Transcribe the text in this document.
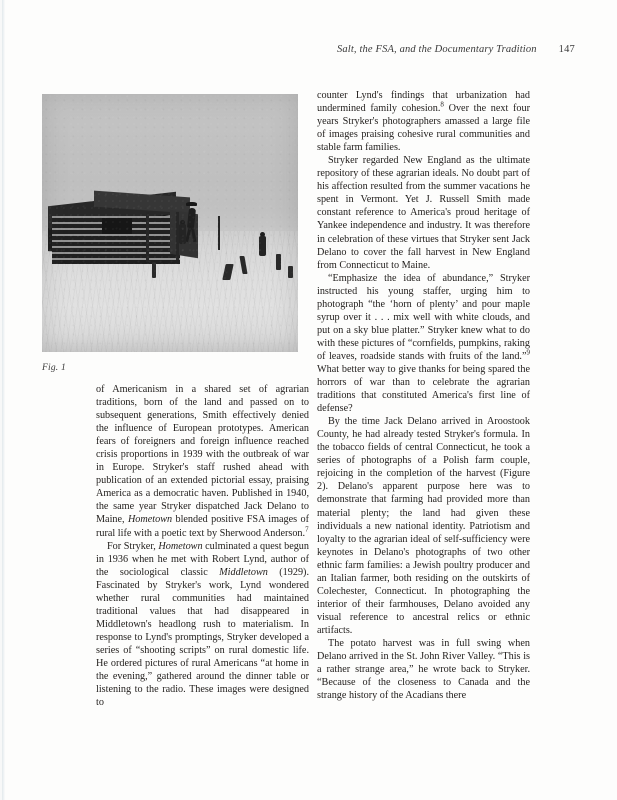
Salt, the FSA, and the Documentary Tradition 147
Fig. 1

of Americanism in a shared set of agrarian traditions, born of the land and passed on to subsequent generations, Smith effectively denied the influence of European prototypes. American fears of foreigners and foreign influence reached crisis proportions in 1939 with the outbreak of war in Europe. Stryker's staff rushed ahead with publication of an extended pictorial essay, praising America as a democratic haven. Published in 1940, the same year Stryker dispatched Jack Delano to Maine, Hometown blended positive FSA images of rural life with a poetic text by Sherwood Anderson.$^7$

For Stryker, Hometown culminated a quest begun in 1936 when he met with Robert Lynd, author of the sociological classic Middletown (1929). Fascinated by Stryker's work, Lynd wondered whether rural communities had maintained traditional values that had disappeared in Middletown's headlong rush to materialism. In response to Lynd's promptings, Stryker developed a series of “shooting scripts” on rural domestic life. He ordered pictures of rural Americans “at home in the evening,” gathered around the dinner table or listening to the radio. These images were designed to

counter Lynd's findings that urbanization had undermined family cohesion.$^8$ Over the next four years Stryker's photographers amassed a large file of images praising cohesive rural communities and stable farm families.

Stryker regarded New England as the ultimate repository of these agrarian ideals. No doubt part of his affection resulted from the summer vacations he spent in Vermont. Yet J. Russell Smith made constant reference to America's proud heritage of Yankee independence and industry. It was therefore in celebration of these virtues that Stryker sent Jack Delano to cover the fall harvest in New England from Connecticut to Maine.

“Emphasize the idea of abundance,” Stryker instructed his young staffer, urging him to photograph “the ‘horn of plenty’ and pour maple syrup over it . . . mix well with white clouds, and put on a sky blue platter.” Stryker knew what to do with these pictures of “cornfields, pumpkins, raking of leaves, roadside stands with fruits of the land.”$^9$ What better way to give thanks for being spared the horrors of war than to celebrate the agrarian traditions that constituted America's first line of defense?

By the time Jack Delano arrived in Aroostook County, he had already tested Stryker's formula. In the tobacco fields of central Connecticut, he took a series of photographs of a Polish farm couple, rejoicing in the completion of the harvest (Figure 2). Delano's apparent purpose here was to demonstrate that farming had provided more than material plenty; the land had given these individuals a new national identity. Patriotism and loyalty to the agrarian ideal of self-sufficiency were keynotes in Delano's photographs of two other ethnic farm families: a Jewish poultry producer and an Italian farmer, both residing on the outskirts of Colechester, Connecticut. In photographing the interior of their farmhouses, Delano avoided any visual reference to ancestral relics or ethnic artifacts.

The potato harvest was in full swing when Delano arrived in the St. John River Valley. “This is a rather strange area,” he wrote back to Stryker. “Because of the closeness to Canada and the strange history of the Acadians there
